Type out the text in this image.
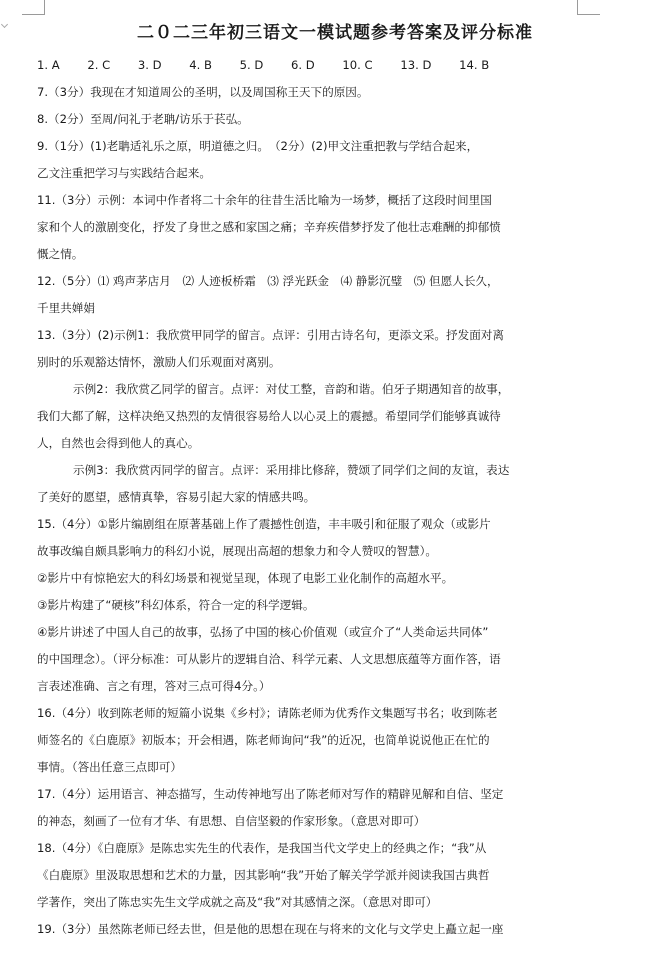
二０二三年初三语文一模试题参考答案及评分标准
1. A 2. C 3. D 4. B 5. D 6. D 10. C 13. D 14. B
7.（3分）我现在才知道周公的圣明，以及周国称王天下的原因。
8.（2分）至周/问礼于老聃/访乐于苌弘。
9.（1分）(1)老聃适礼乐之原，明道德之归。　（2分）(2)甲文注重把教与学结合起来，
乙文注重把学习与实践结合起来。
11.（3分）示例：本词中作者将二十余年的往昔生活比喻为一场梦，概括了这段时间里国
家和个人的激剧变化，抒发了身世之感和家国之痛；辛弃疾借梦抒发了他壮志难酬的抑郁愤
慨之情。
12.（5分）⑴ 鸡声茅店月　⑵ 人迹板桥霜　⑶ 浮光跃金　⑷ 静影沉璧　⑸ 但愿人长久，
千里共婵娟
13.（3分）(2)示例1：我欣赏甲同学的留言。点评：引用古诗名句，更添文采。抒发面对离
别时的乐观豁达情怀，激励人们乐观面对离别。
示例2：我欣赏乙同学的留言。点评：对仗工整，音韵和谐。伯牙子期遇知音的故事，
我们大都了解，这样决绝又热烈的友情很容易给人以心灵上的震撼。希望同学们能够真诚待
人，自然也会得到他人的真心。
示例3：我欣赏丙同学的留言。点评：采用排比修辞，赞颂了同学们之间的友谊，表达
了美好的愿望，感情真挚，容易引起大家的情感共鸣。
15.（4分）①影片编剧组在原著基础上作了震撼性创造，丰丰吸引和征服了观众（或影片
故事改编自颇具影响力的科幻小说，展现出高超的想象力和令人赞叹的智慧）。
②影片中有惊艳宏大的科幻场景和视觉呈现，体现了电影工业化制作的高超水平。
③影片构建了“硬核”科幻体系，符合一定的科学逻辑。
④影片讲述了中国人自己的故事，弘扬了中国的核心价值观（或宣介了“人类命运共同体”
的中国理念）。（评分标准：可从影片的逻辑自洽、科学元素、人文思想底蕴等方面作答，语
言表述准确、言之有理，答对三点可得4分。）
16.（4分）收到陈老师的短篇小说集《乡村》；请陈老师为优秀作文集题写书名；收到陈老
师签名的《白鹿原》初版本；开会相遇，陈老师询问“我”的近况，也简单说说他正在忙的
事情。（答出任意三点即可）
17.（4分）运用语言、神态描写，生动传神地写出了陈老师对写作的精辟见解和自信、坚定
的神态，刻画了一位有才华、有思想、自信坚毅的作家形象。（意思对即可）
18.（4分）《白鹿原》是陈忠实先生的代表作，是我国当代文学史上的经典之作；“我”从
《白鹿原》里汲取思想和艺术的力量，因其影响“我”开始了解关学学派并阅读我国古典哲
学著作，突出了陈忠实先生文学成就之高及“我”对其感情之深。（意思对即可）
19.（3分）虽然陈老师已经去世，但是他的思想在现在与将来的文化与文学史上矗立起一座
